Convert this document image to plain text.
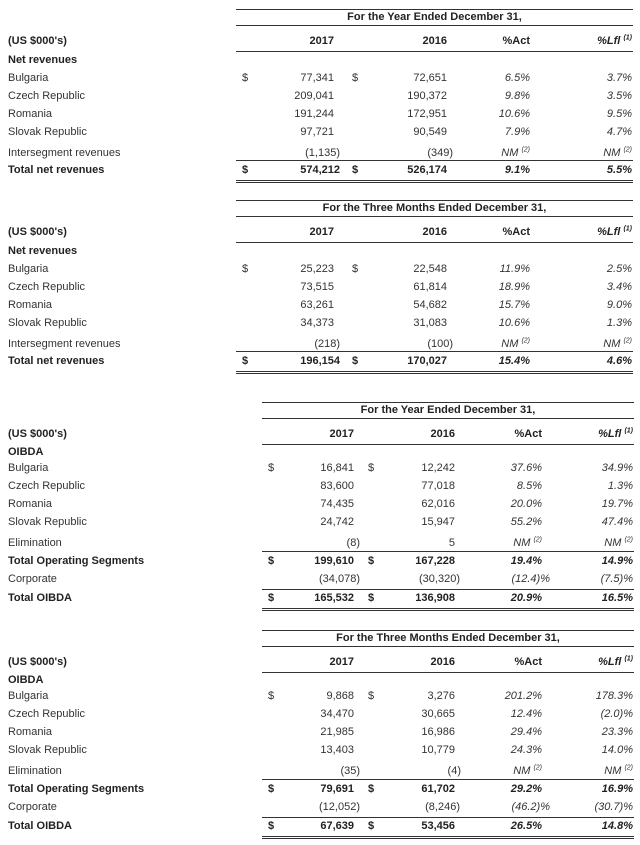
For the Year Ended December 31,
(US $000's)	2017	2016	%Act	%Lfl $^{(1)}$
Net revenues
Bulgaria	$	77,341 $	72,651	6.5%	3.7%
Czech Republic	209,041	190,372	9.8%	3.5%
Romania	191,244	172,951	10.6%	9.5%
Slovak Republic	97,721	90,549	7.9%	4.7%
Intersegment revenues	(1,135)	(349)	NM $^{(2)}$	NM $^{(2)}$
Total net revenues	$	574,212 $	526,174	9.1%	5.5%
For the Three Months Ended December 31,
(US $000's)	2017	2016	%Act	%Lfl $^{(1)}$
Net revenues
Bulgaria	$	25,223 $	22,548	11.9%	2.5%
Czech Republic	73,515	61,814	18.9%	3.4%
Romania	63,261	54,682	15.7%	9.0%
Slovak Republic	34,373	31,083	10.6%	1.3%
Intersegment revenues	(218)	(100)	NM $^{(2)}$	NM $^{(2)}$
Total net revenues	$	196,154 $	170,027	15.4%	4.6%
For the Year Ended December 31,
(US $000's)	2017	2016	%Act	%Lfl $^{(1)}$
OIBDA
Bulgaria	$	16,841 $	12,242	37.6%	34.9%
Czech Republic	83,600	77,018	8.5%	1.3%
Romania	74,435	62,016	20.0%	19.7%
Slovak Republic	24,742	15,947	55.2%	47.4%
Elimination	(8)	5	NM $^{(2)}$	NM $^{(2)}$
Total Operating Segments	$	199,610 $	167,228	19.4%	14.9%
Corporate	(34,078)	(30,320)	(12.4)%	(7.5)%
Total OIBDA	$	165,532 $	136,908	20.9%	16.5%
For the Three Months Ended December 31,
(US $000's)	2017	2016	%Act	%Lfl $^{(1)}$
OIBDA
Bulgaria	$	9,868 $	3,276	201.2%	178.3%
Czech Republic	34,470	30,665	12.4%	(2.0)%
Romania	21,985	16,986	29.4%	23.3%
Slovak Republic	13,403	10,779	24.3%	14.0%
Elimination	(35)	(4)	NM $^{(2)}$	NM $^{(2)}$
Total Operating Segments	$	79,691 $	61,702	29.2%	16.9%
Corporate	(12,052)	(8,246)	(46.2)%	(30.7)%
Total OIBDA	$	67,639 $	53,456	26.5%	14.8%
